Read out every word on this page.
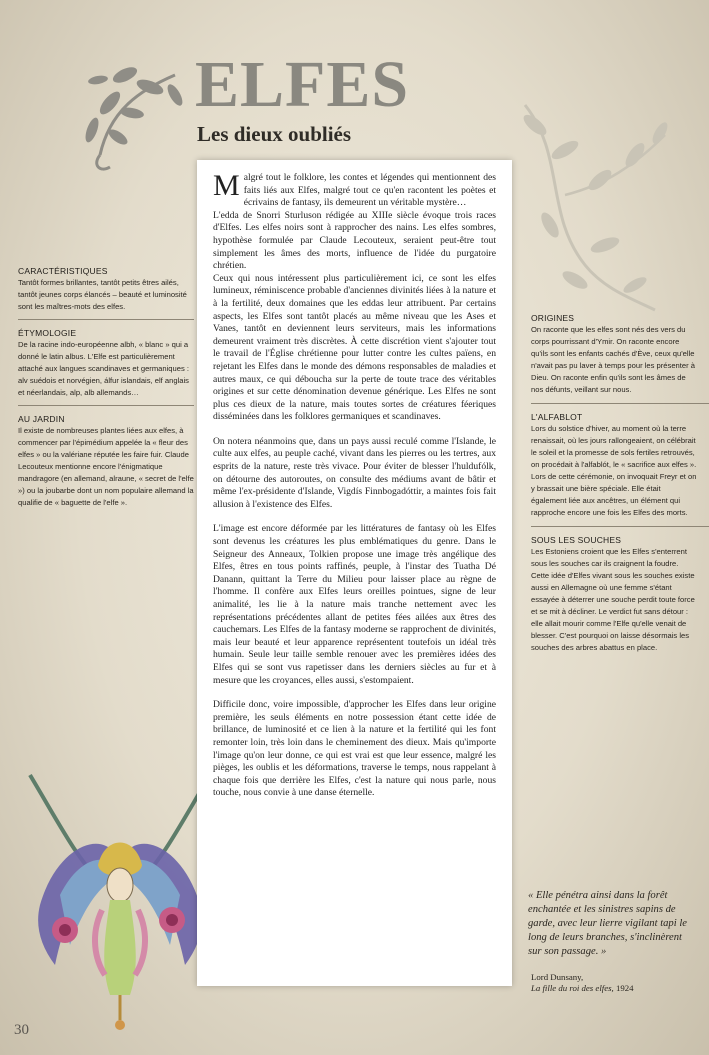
ELFES
Les dieux oubliés
CARACTÉRISTIQUES

Tantôt formes brillantes, tantôt petits êtres ailés, tantôt jeunes corps élancés – beauté et luminosité sont les maîtres-mots des elfes.

ÉTYMOLOGIE

De la racine indo-européenne albh, « blanc » qui a donné le latin albus. L'Elfe est particulièrement attaché aux langues scandinaves et germaniques : alv suédois et norvégien, álfur islandais, elf anglais et néerlandais, alp, alb allemands…

AU JARDIN

Il existe de nombreuses plantes liées aux elfes, à commencer par l'épimédium appelée la « fleur des elfes » ou la valériane réputée les faire fuir. Claude Lecouteux mentionne encore l'énigmatique mandragore (en allemand, alraune, « secret de l'elfe ») ou la joubarbe dont un nom populaire allemand la qualifie de « baguette de l'elfe ».

Malgré tout le folklore, les contes et légendes qui mentionnent des faits liés aux Elfes, malgré tout ce qu'en racontent les poètes et écrivains de fantasy, ils demeurent un véritable mystère…

L'edda de Snorri Sturluson rédigée au XIIIe siècle évoque trois races d'Elfes. Les elfes noirs sont à rapprocher des nains. Les elfes sombres, hypothèse formulée par Claude Lecouteux, seraient peut-être tout simplement les âmes des morts, influence de l'idée du purgatoire chrétien.

Ceux qui nous intéressent plus particulièrement ici, ce sont les elfes lumineux, réminiscence probable d'anciennes divinités liées à la nature et à la fertilité, deux domaines que les eddas leur attribuent. Par certains aspects, les Elfes sont tantôt placés au même niveau que les Ases et Vanes, tantôt en deviennent leurs serviteurs, mais les informations demeurent vraiment très discrètes. À cette discrétion vient s'ajouter tout le travail de l'Église chrétienne pour lutter contre les cultes païens, en rejetant les Elfes dans le monde des démons responsables de maladies et autres maux, ce qui déboucha sur la perte de toute trace des véritables origines et sur cette dénomination devenue générique. Les Elfes ne sont plus ces dieux de la nature, mais toutes sortes de créatures féeriques disséminées dans les folklores germaniques et scandinaves.

On notera néanmoins que, dans un pays aussi reculé comme l'Islande, le culte aux elfes, au peuple caché, vivant dans les pierres ou les tertres, aux esprits de la nature, reste très vivace. Pour éviter de blesser l'huldufólk, on détourne des autoroutes, on consulte des médiums avant de bâtir et même l'ex-présidente d'Islande, Vigdís Finnbogadóttir, a maintes fois fait allusion à l'existence des Elfes.

L'image est encore déformée par les littératures de fantasy où les Elfes sont devenus les créatures les plus emblématiques du genre. Dans le Seigneur des Anneaux, Tolkien propose une image très angélique des Elfes, êtres en tous points raffinés, peuple, à l'instar des Tuatha Dé Danann, quittant la Terre du Milieu pour laisser place au règne de l'homme. Il confère aux Elfes leurs oreilles pointues, signe de leur animalité, les lie à la nature mais tranche nettement avec les représentations précédentes allant de petites fées ailées aux êtres des cauchemars. Les Elfes de la fantasy moderne se rapprochent de divinités, mais leur beauté et leur apparence représentent toutefois un idéal très humain. Seule leur taille semble renouer avec les premières idées des Elfes qui se sont vus rapetisser dans les derniers siècles au fur et à mesure que les croyances, elles aussi, s'estompaient.

Difficile donc, voire impossible, d'approcher les Elfes dans leur origine première, les seuls éléments en notre possession étant cette idée de brillance, de luminosité et ce lien à la nature et la fertilité qui les font remonter loin, très loin dans le cheminement des dieux. Mais qu'importe l'image qu'on leur donne, ce qui est vrai est que leur essence, malgré les pièges, les oublis et les déformations, traverse le temps, nous rappelant à chaque fois que derrière les Elfes, c'est la nature qui nous parle, nous touche, nous convie à une danse éternelle.

ORIGINES

On raconte que les elfes sont nés des vers du corps pourrissant d'Ymir. On raconte encore qu'ils sont les enfants cachés d'Ève, ceux qu'elle n'avait pas pu laver à temps pour les présenter à Dieu. On raconte enfin qu'ils sont les âmes de nos défunts, veillant sur nous.

L'ALFABLOT

Lors du solstice d'hiver, au moment où la terre renaissait, où les jours rallongeaient, on célébrait le soleil et la promesse de sols fertiles retrouvés, on procédait à l'alfablót, le « sacrifice aux elfes ». Lors de cette cérémonie, on invoquait Freyr et on y brassait une bière spéciale. Elle était également liée aux ancêtres, un élément qui rapproche encore une fois les Elfes des morts.

SOUS LES SOUCHES

Les Estoniens croient que les Elfes s'enterrent sous les souches car ils craignent la foudre. Cette idée d'Elfes vivant sous les souches existe aussi en Allemagne où une femme s'étant essayée à déterrer une souche perdit toute force et se mit à décliner. Le verdict fut sans détour : elle allait mourir comme l'Elfe qu'elle venait de blesser. C'est pourquoi on laisse désormais les souches des arbres abattus en place.

« Elle pénétra ainsi dans la forêt enchantée et les sinistres sapins de garde, avec leur lierre vigilant tapi le long de leurs branches, s'inclinèrent sur son passage. »
Lord Dunsany,
La fille du roi des elfes, 1924
30
